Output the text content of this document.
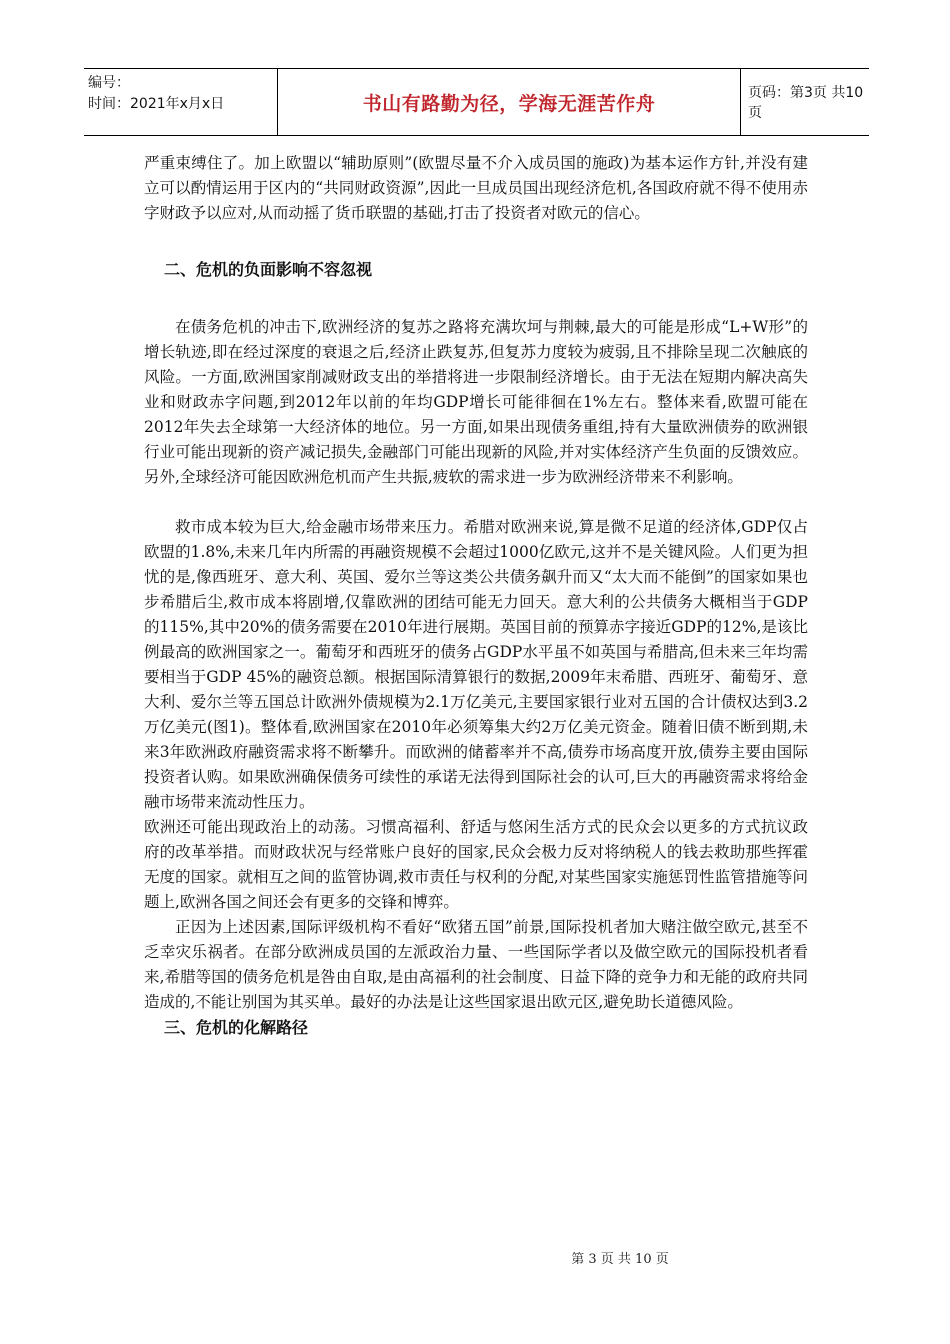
编号：
时间：2021年x月x日	书山有路勤为径，学海无涯苦作舟	页码：第3页 共10页

严重束缚住了。加上欧盟以“辅助原则”(欧盟尽量不介入成员国的施政)为基本运作方针,并没有建立可以酌情运用于区内的“共同财政资源”,因此一旦成员国出现经济危机,各国政府就不得不使用赤字财政予以应对,从而动摇了货币联盟的基础,打击了投资者对欧元的信心。

二、危机的负面影响不容忽视

在债务危机的冲击下,欧洲经济的复苏之路将充满坎坷与荆棘,最大的可能是形成“L+W形”的增长轨迹,即在经过深度的衰退之后,经济止跌复苏,但复苏力度较为疲弱,且不排除呈现二次触底的风险。一方面,欧洲国家削减财政支出的举措将进一步限制经济增长。由于无法在短期内解决高失业和财政赤字问题,到2012年以前的年均GDP增长可能徘徊在1%左右。整体来看,欧盟可能在2012年失去全球第一大经济体的地位。另一方面,如果出现债务重组,持有大量欧洲债券的欧洲银行业可能出现新的资产减记损失,金融部门可能出现新的风险,并对实体经济产生负面的反馈效应。另外,全球经济可能因欧洲危机而产生共振,疲软的需求进一步为欧洲经济带来不利影响。

救市成本较为巨大,给金融市场带来压力。希腊对欧洲来说,算是微不足道的经济体,GDP仅占欧盟的1.8%,未来几年内所需的再融资规模不会超过1000亿欧元,这并不是关键风险。人们更为担忧的是,像西班牙、意大利、英国、爱尔兰等这类公共债务飙升而又“太大而不能倒”的国家如果也步希腊后尘,救市成本将剧增,仅靠欧洲的团结可能无力回天。意大利的公共债务大概相当于GDP的115%,其中20%的债务需要在2010年进行展期。英国目前的预算赤字接近GDP的12%,是该比例最高的欧洲国家之一。葡萄牙和西班牙的债务占GDP水平虽不如英国与希腊高,但未来三年均需要相当于GDP 45%的融资总额。根据国际清算银行的数据,2009年末希腊、西班牙、葡萄牙、意大利、爱尔兰等五国总计欧洲外债规模为2.1万亿美元,主要国家银行业对五国的合计债权达到3.2万亿美元(图1)。整体看,欧洲国家在2010年必须筹集大约2万亿美元资金。随着旧债不断到期,未来3年欧洲政府融资需求将不断攀升。而欧洲的储蓄率并不高,债券市场高度开放,债券主要由国际投资者认购。如果欧洲确保债务可续性的承诺无法得到国际社会的认可,巨大的再融资需求将给金融市场带来流动性压力。

欧洲还可能出现政治上的动荡。习惯高福利、舒适与悠闲生活方式的民众会以更多的方式抗议政府的改革举措。而财政状况与经常账户良好的国家,民众会极力反对将纳税人的钱去救助那些挥霍无度的国家。就相互之间的监管协调,救市责任与权利的分配,对某些国家实施惩罚性监管措施等问题上,欧洲各国之间还会有更多的交锋和博弈。

正因为上述因素,国际评级机构不看好“欧猪五国”前景,国际投机者加大赌注做空欧元,甚至不乏幸灾乐祸者。在部分欧洲成员国的左派政治力量、一些国际学者以及做空欧元的国际投机者看来,希腊等国的债务危机是咎由自取,是由高福利的社会制度、日益下降的竞争力和无能的政府共同造成的,不能让别国为其买单。最好的办法是让这些国家退出欧元区,避免助长道德风险。

三、危机的化解路径

第 3 页 共 10 页
